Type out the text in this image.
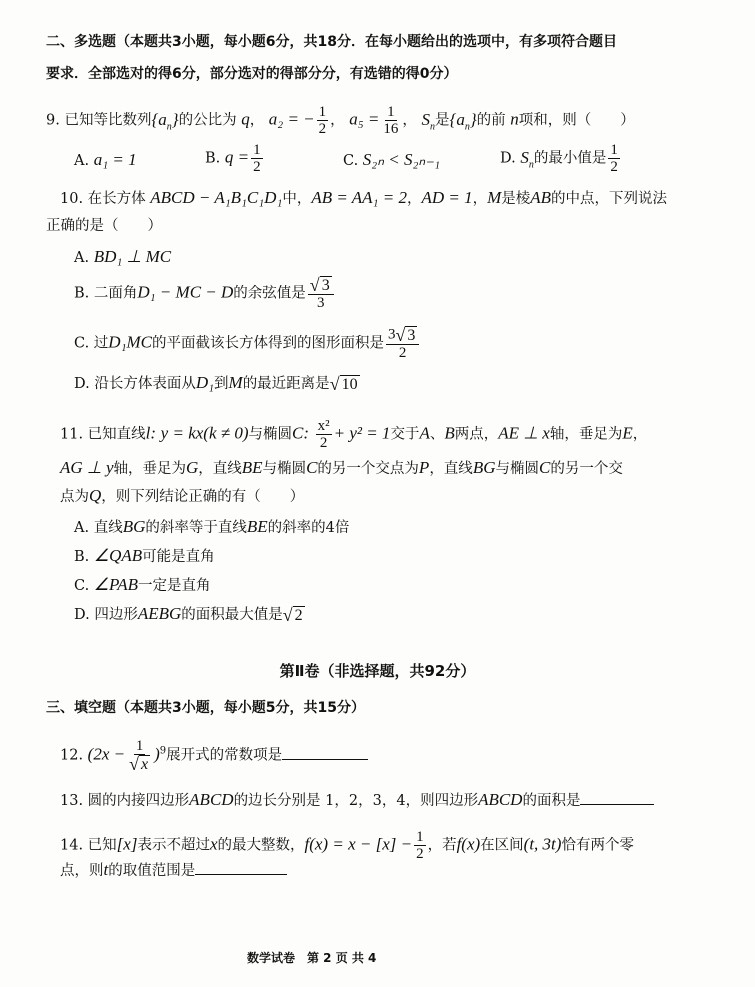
二、多选题（本题共3小题，每小题6分，共18分．在每小题给出的选项中，有多项符合题目
要求．全部选对的得6分，部分选对的得部分分，有选错的得0分）
9. 已知等比数列$\{a_n\}$的公比为 q， a₂ = − $\frac{1}{2}$ ， $a_5 = \frac{1}{16}$ ， $S_n$是$\{a_n\}$的前 n项和，则（　　）
A. a₁ = 1	B. $q = \frac{1}{2}$	C. S₂ₙ < S₂ₙ₋₁	D. $S_n$的最小值是 $\frac{1}{2}$
10. 在长方体 ABCD − A₁B₁C₁D₁中，AB = AA₁ = 2，AD = 1，M是棱AB的中点，下列说法
正确的是（　　）
A. BD₁ ⊥ MC
B. 二面角D₁ − MC − D的余弦值是 $\frac{√ 3}{3}$
C. 过D₁MC的平面截该长方体得到的图形面积是 $\frac{3 √ 3}{2}$
D. 沿长方体表面从D₁到M的最近距离是 √ 10
11. 已知直线l: y = kx(k ≠ 0)与椭圆C: $\frac{\text{x²}}{2} + y^2 = 1$交于A、B两点，AE ⊥ x轴，垂足为E，
AG ⊥ y轴，垂足为G，直线BE与椭圆C的另一个交点为P，直线BG与椭圆C的另一个交
点为Q，则下列结论正确的有（　　）
A. 直线BG的斜率等于直线BE的斜率的4倍
B. ∠QAB可能是直角
C. ∠PAB一定是直角
D. 四边形AEBG的面积最大值是 √ 2
第Ⅱ卷（非选择题，共92分）
三、填空题（本题共3小题，每小题5分，共15分）
12. $(2x - \frac{1}{√ x} )^9$展开式的常数项是
13. 圆的内接四边形ABCD的边长分别是 1，2，3，4，则四边形ABCD的面积是
14. 已知[x]表示不超过x的最大整数，$f(x) = x - [x] - \frac{1}{2}$ ，若f(x)在区间(t, 3t)恰有两个零
点，则t的取值范围是
数学试卷　第 2 页 共 4
